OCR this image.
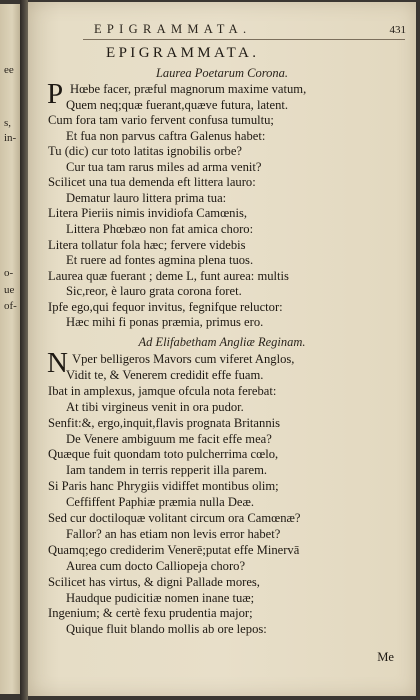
ee
s,
in-
o-
ue
of-
EPIGRAMMATA.	431
EPIGRAMMATA.
Laurea Poetarum Corona.
P Hœbe facer, præful magnorum maxime vatum,
Quem neq;quæ fuerant,quæve futura, latent.
Cum fora tam vario fervent confusa tumultu;
Et fua non parvus caftra Galenus habet:
Tu (dic) cur toto latitas ignobilis orbe?
Cur tua tam rarus miles ad arma venit?
Scilicet una tua demenda eft littera lauro:
Dematur lauro littera prima tua:
Litera Pieriis nimis invidiofa Camœnis,
Littera Phœbæo non fat amica choro:
Litera tollatur fola hæc; fervere videbis
Et ruere ad fontes agmina plena tuos.
Laurea quæ fuerant ; deme L, funt aurea: multis
Sic,reor, è lauro grata corona foret.
Ipfe ego,qui fequor invitus, fegnifque reluctor:
Hæc mihi fi ponas præmia, primus ero.
Ad Elifabetham Angliæ Reginam.
N Vper belligeros Mavors cum viferet Anglos,
Vidit te, & Venerem credidit effe fuam.
Ibat in amplexus, jamque ofcula nota ferebat:
At tibi virgineus venit in ora pudor.
Senfit:&, ergo,inquit,flavis prognata Britannis
De Venere ambiguum me facit effe mea?
Quæque fuit quondam toto pulcherrima cœlo,
Iam tandem in terris repperit illa parem.
Si Paris hanc Phrygiis vidiffet montibus olim;
Ceffiffent Paphiæ præmia nulla Deæ.
Sed cur doctiloquæ volitant circum ora Camœnæ?
Fallor? an has etiam non levis error habet?
Quamq;ego crediderim Venerē;putat effe Minervā
Aurea cum docto Calliopeja choro?
Scilicet has virtus, & digni Pallade mores,
Haudque pudicitiæ nomen inane tuæ;
Ingenium; & certè fexu prudentia major;
Quique fluit blando mollis ab ore lepos:
Me
